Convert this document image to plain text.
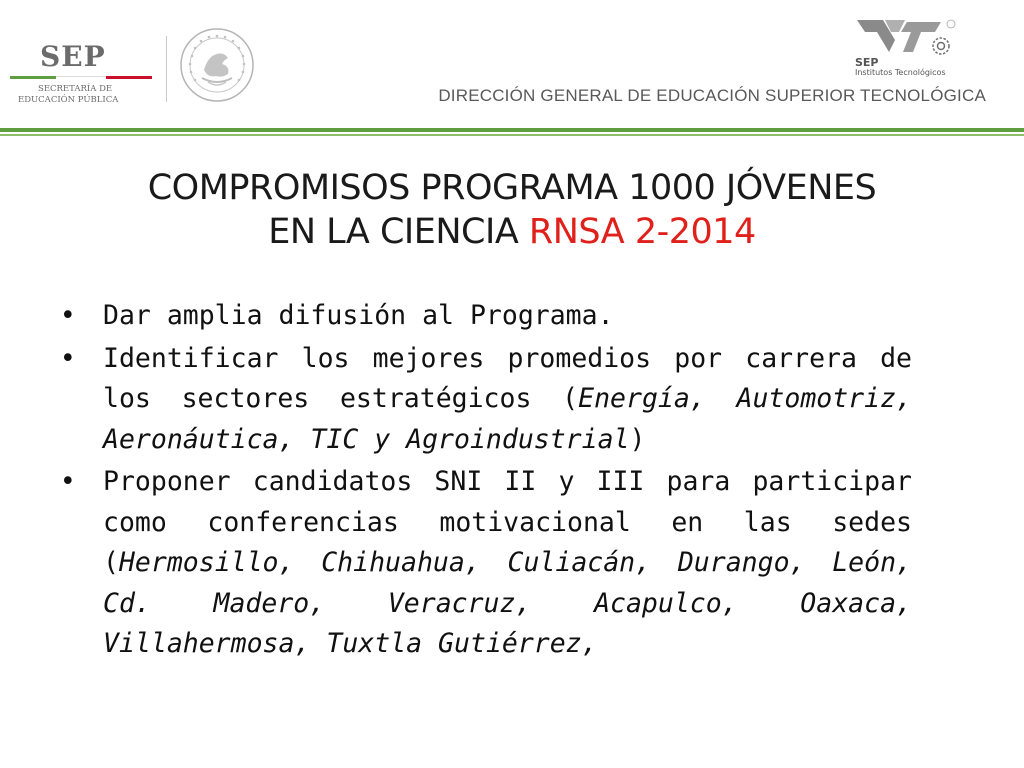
SEP
SECRETARÍA DE
EDUCACIÓN PÚBLICA
SEP
Institutos Tecnológicos
DIRECCIÓN GENERAL DE EDUCACIÓN SUPERIOR TECNOLÓGICA
COMPROMISOS PROGRAMA 1000 JÓVENES
EN LA CIENCIA RNSA 2-2014
• Dar amplia difusión al Programa.
• Identificar los mejores promedios por carrera de los sectores estratégicos (Energía, Automotriz, Aeronáutica, TIC y Agroindustrial)
• Proponer candidatos SNI II y III para participar como conferencias motivacional en las sedes (Hermosillo, Chihuahua, Culiacán, Durango, León, Cd. Madero, Veracruz, Acapulco, Oaxaca, Villahermosa, Tuxtla Gutiérrez,
